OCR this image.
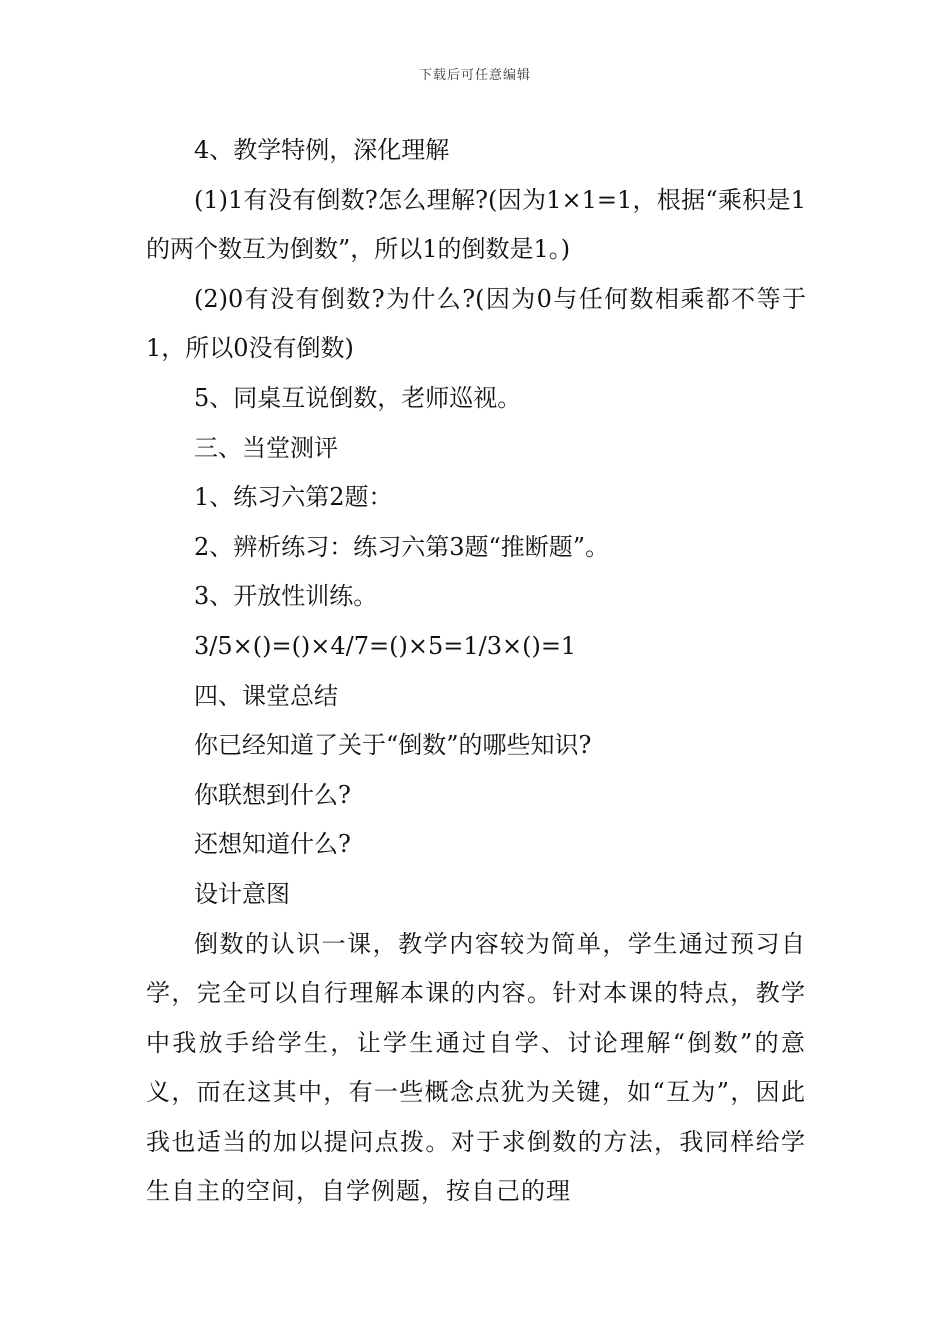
下载后可任意编辑

4、教学特例，深化理解

(1)1有没有倒数?怎么理解?(因为1×1=1，根据“乘积是1的两个数互为倒数”，所以1的倒数是1。)

(2)0有没有倒数?为什么?(因为0与任何数相乘都不等于1，所以0没有倒数)

5、同桌互说倒数，老师巡视。

三、当堂测评

1、练习六第2题：

2、辨析练习：练习六第3题“推断题”。

3、开放性训练。

3/5×()=()×4/7=()×5=1/3×()=1

四、课堂总结

你已经知道了关于“倒数”的哪些知识?

你联想到什么?

还想知道什么?

设计意图

倒数的认识一课，教学内容较为简单，学生通过预习自学，完全可以自行理解本课的内容。针对本课的特点，教学中我放手给学生，让学生通过自学、讨论理解“倒数”的意义，而在这其中，有一些概念点犹为关键，如“互为”，因此我也适当的加以提问点拨。对于求倒数的方法，我同样给学生自主的空间，自学例题，按自己的理
